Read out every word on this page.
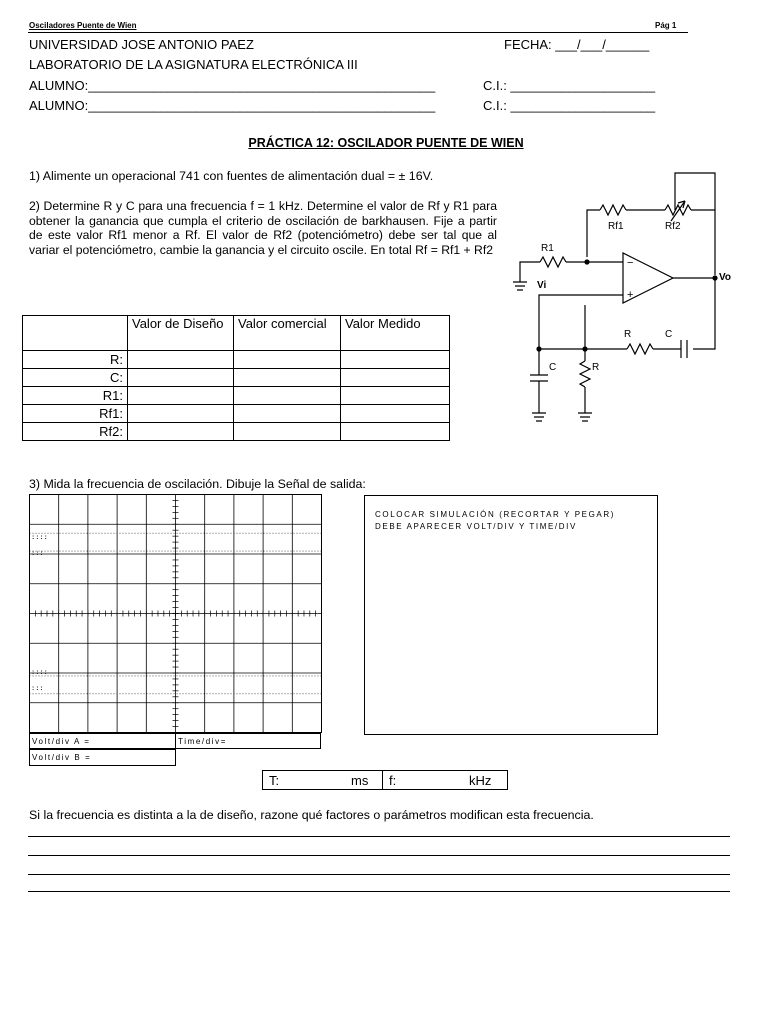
Osciladores Puente de Wien	Pág 1
UNIVERSIDAD JOSE ANTONIO PAEZ	FECHA: ___/___/______
LABORATORIO DE LA ASIGNATURA ELECTRÓNICA III
ALUMNO:________________________________________________	C.I.: ____________________
ALUMNO:________________________________________________	C.I.: ____________________
PRÁCTICA 12: OSCILADOR PUENTE DE WIEN
1) Alimente un operacional 741 con fuentes de alimentación dual = ± 16V.
2) Determine R y C para una frecuencia f = 1 kHz. Determine el valor de Rf y R1 para obtener la ganancia que cumpla el criterio de oscilación de barkhausen. Fije a partir de este valor Rf1 menor a Rf. El valor de Rf2 (potenciómetro) debe ser tal que al variar el potenciómetro, cambie la ganancia y el circuito oscile. En total Rf = Rf1 + Rf2	R1
Rf1	Rf2
Vi
Vo
R	C
C	R
−
+
	Valor de Diseño	Valor comercial	Valor Medido
R:			
C:			
R1:			
Rf1:			
Rf2:			
3) Mida la frecuencia de oscilación. Dibuje la Señal de salida:
::::
:::
::::
:::
Volt/div A =	Time/div=
Volt/div B =
COLOCAR SIMULACIÓN (RECORTAR Y PEGAR)
DEBE APARECER VOLT/DIV Y TIME/DIV
T:	ms f:	kHz
Si la frecuencia es distinta a la de diseño, razone qué factores o parámetros modifican esta frecuencia.
